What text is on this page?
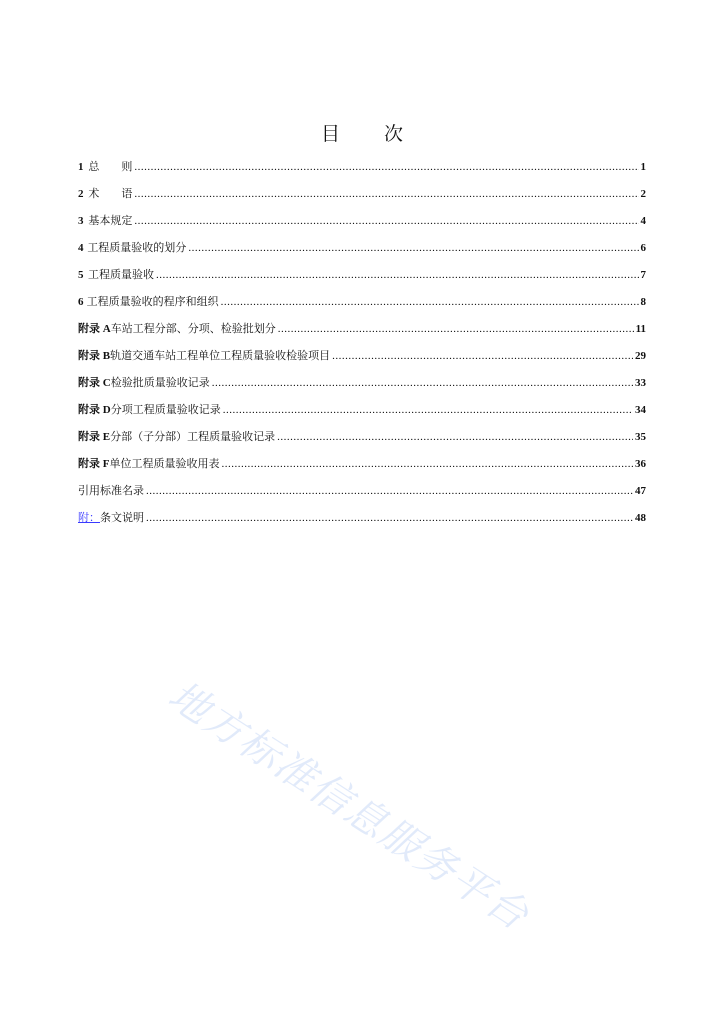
目 次
1 总　　则 .....	1
2 术　　语 .....	2
3 基本规定 .....	4
4 工程质量验收的划分 .....	6
5 工程质量验收 .....	7
6 工程质量验收的程序和组织 .....	8
附录 A 车站工程分部、分项、检验批划分 .....	11
附录 B 轨道交通车站工程单位工程质量验收检验项目 .....	29
附录 C 检验批质量验收记录 .....	33
附录 D 分项工程质量验收记录 .....	34
附录 E 分部（子分部）工程质量验收记录 .....	35
附录 F 单位工程质量验收用表 .....	36
引用标准名录 .....	47
附： 条文说明 .....	48
地方标准信息服务平台
